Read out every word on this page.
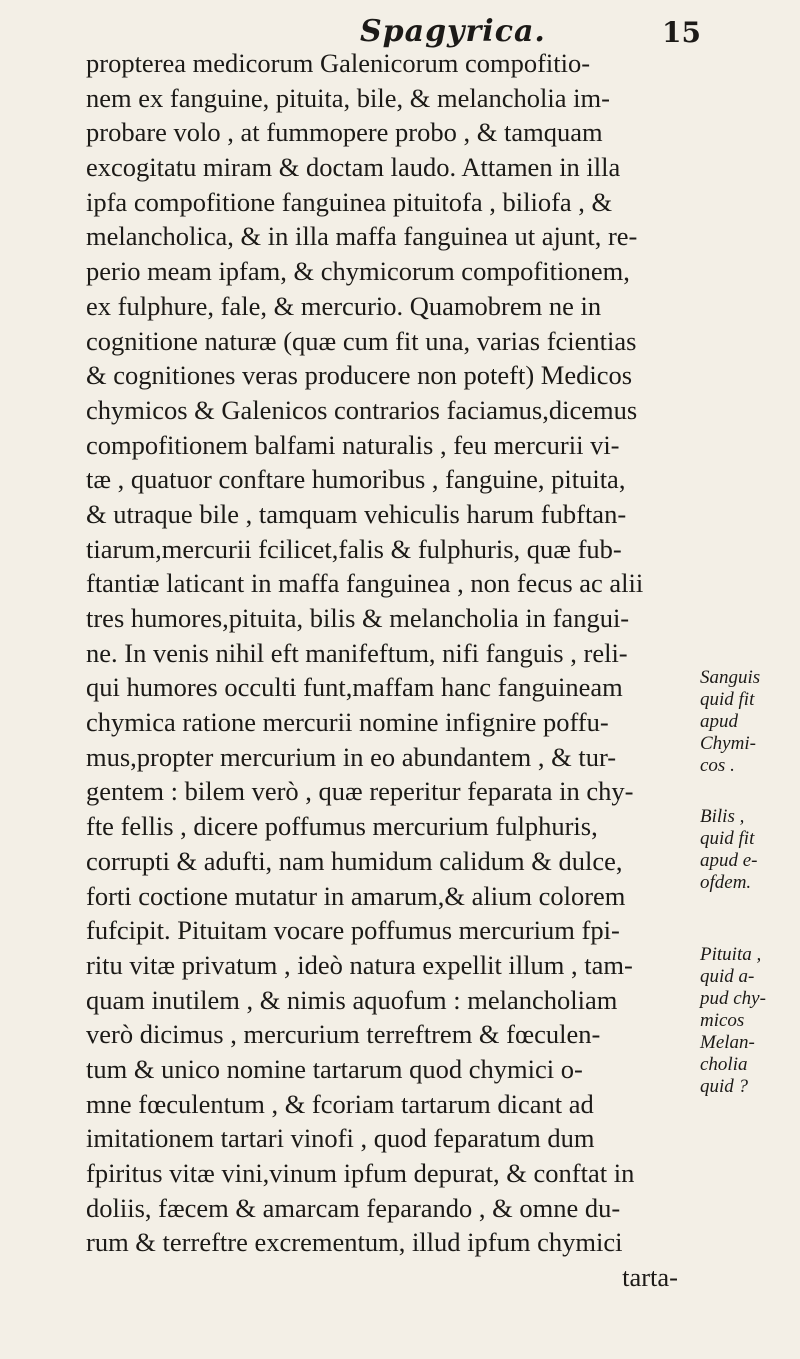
Spagyrica.	15
propterea medicorum Galenicorum compofitio-
nem ex fanguine, pituita, bile, & melancholia im-
probare volo , at fummopere probo , & tamquam
excogitatu miram & doctam laudo. Attamen in illa
ipfa compofitione fanguinea pituitofa , biliofa , &
melancholica, & in illa maffa fanguinea ut ajunt, re-
perio meam ipfam, & chymicorum compofitionem,
ex fulphure, fale, & mercurio. Quamobrem ne in
cognitione naturæ (quæ cum fit una, varias fcientias
& cognitiones veras producere non poteft) Medicos
chymicos & Galenicos contrarios faciamus,dicemus
compofitionem balfami naturalis , feu mercurii vi-
tæ , quatuor conftare humoribus , fanguine, pituita,
& utraque bile , tamquam vehiculis harum fubftan-
tiarum,mercurii fcilicet,falis & fulphuris, quæ fub-
ftantiæ laticant in maffa fanguinea , non fecus ac alii
tres humores,pituita, bilis & melancholia in fangui-
ne. In venis nihil eft manifeftum, nifi fanguis , reli-
qui humores occulti funt,maffam hanc fanguineam
chymica ratione mercurii nomine infignire poffu-
mus,propter mercurium in eo abundantem , & tur-
gentem : bilem verò , quæ reperitur feparata in chy-
fte fellis , dicere poffumus mercurium fulphuris,
corrupti & adufti, nam humidum calidum & dulce,
forti coctione mutatur in amarum,& alium colorem
fufcipit. Pituitam vocare poffumus mercurium fpi-
ritu vitæ privatum , ideò natura expellit illum , tam-
quam inutilem , & nimis aquofum : melancholiam
verò dicimus , mercurium terreftrem & fœculen-
tum & unico nomine tartarum quod chymici o-
mne fœculentum , & fcoriam tartarum dicant ad
imitationem tartari vinofi , quod feparatum dum
fpiritus vitæ vini,vinum ipfum depurat, & conftat in
doliis, fæcem & amarcam feparando , & omne du-
rum & terreftre excrementum, illud ipfum chymici
tarta-
Sanguis
quid fit
apud
Chymi-
cos .
Bilis ,
quid fit
apud e-
ofdem.
Pituita ,
quid a-
pud chy-
micos
Melan-
cholia
quid ?
